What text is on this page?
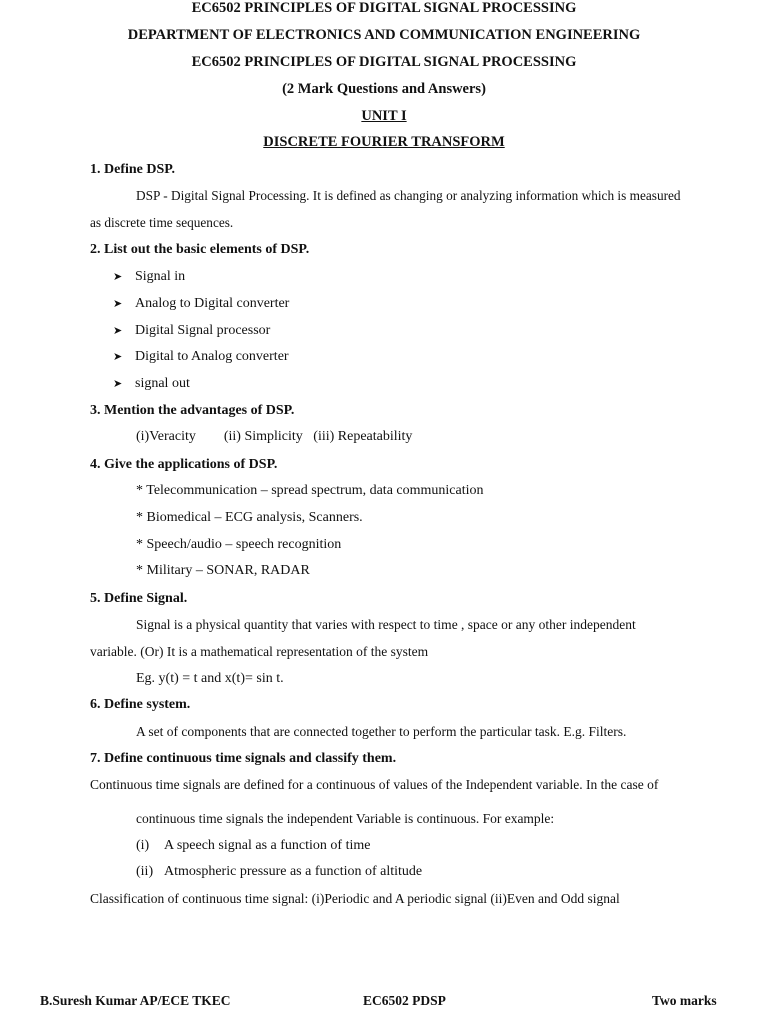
EC6502 PRINCIPLES OF DIGITAL SIGNAL PROCESSING
DEPARTMENT OF ELECTRONICS AND COMMUNICATION ENGINEERING
EC6502 PRINCIPLES OF DIGITAL SIGNAL PROCESSING
(2 Mark Questions and Answers)
UNIT I
DISCRETE FOURIER TRANSFORM
1. Define DSP.
DSP - Digital Signal Processing. It is defined as changing or analyzing information which is measured
as discrete time sequences.
2. List out the basic elements of DSP.
➤ Signal in
➤ Analog to Digital converter
➤ Digital Signal processor
➤ Digital to Analog converter
➤ signal out
3. Mention the advantages of DSP.
(i)Veracity        (ii) Simplicity   (iii) Repeatability
4. Give the applications of DSP.
* Telecommunication – spread spectrum, data communication
* Biomedical – ECG analysis, Scanners.
* Speech/audio – speech recognition
* Military – SONAR, RADAR
5. Define Signal.
Signal is a physical quantity that varies with respect to time , space or any other independent
variable. (Or) It is a mathematical representation of the system
Eg. y(t) = t and x(t)= sin t.
6. Define system.
A set of components that are connected together to perform the particular task. E.g. Filters.
7. Define continuous time signals and classify them.
Continuous time signals are defined for a continuous of values of the Independent variable. In the case of
continuous time signals the independent Variable is continuous. For example:
(i) A speech signal as a function of time
(ii) Atmospheric pressure as a function of altitude
Classification of continuous time signal: (i)Periodic and A periodic signal (ii)Even and Odd signal
B.Suresh Kumar AP/ECE TKEC	EC6502 PDSP	Two marks
